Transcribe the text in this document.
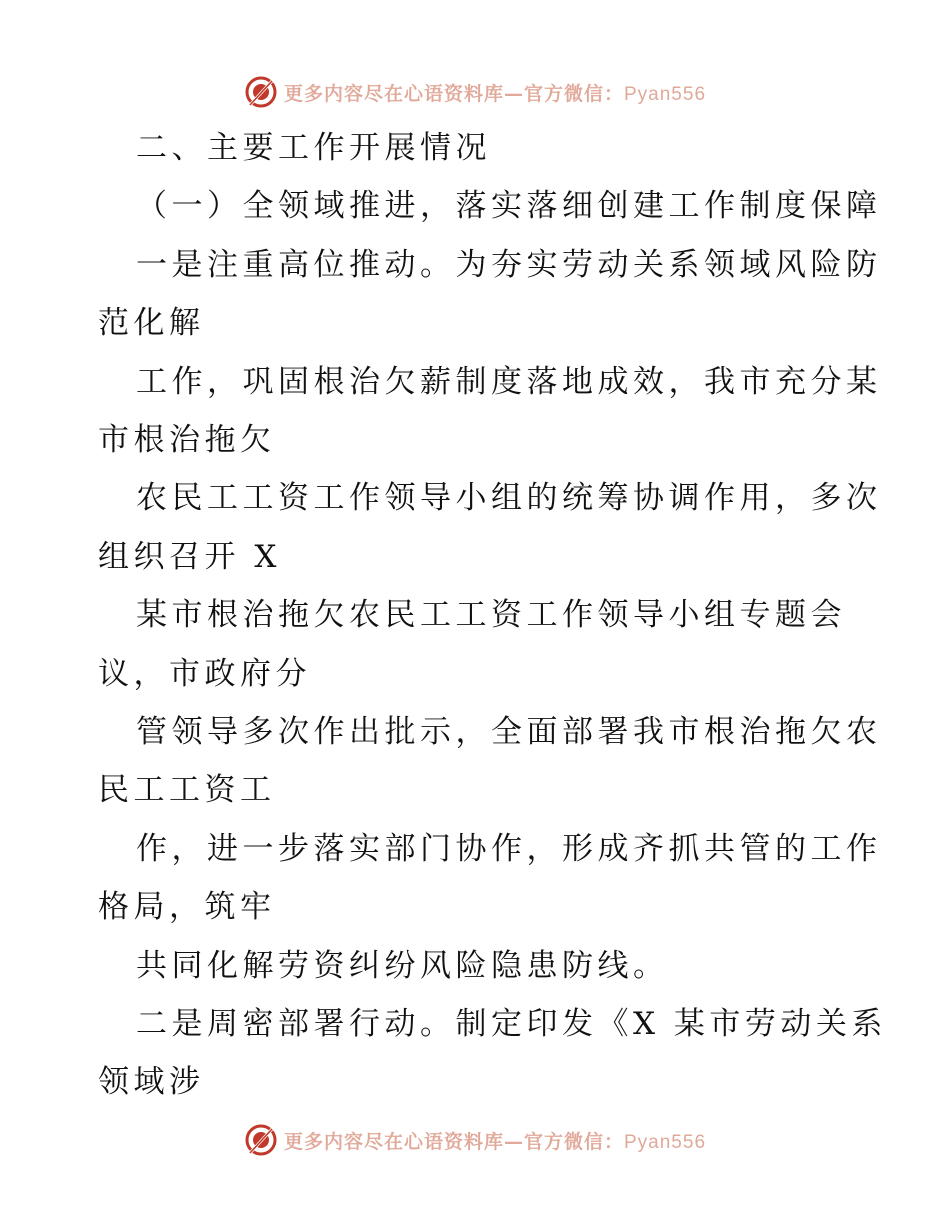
更多内容尽在心语资料库—官方微信：Pyan556
二、主要工作开展情况
（一）全领域推进，落实落细创建工作制度保障
一是注重高位推动。为夯实劳动关系领域风险防
范化解
工作，巩固根治欠薪制度落地成效，我市充分某
市根治拖欠
农民工工资工作领导小组的统筹协调作用，多次
组织召开 X
某市根治拖欠农民工工资工作领导小组专题会
议，市政府分
管领导多次作出批示，全面部署我市根治拖欠农
民工工资工
作，进一步落实部门协作，形成齐抓共管的工作
格局，筑牢
共同化解劳资纠纷风险隐患防线。
二是周密部署行动。制定印发《X 某市劳动关系
领域涉
更多内容尽在心语资料库—官方微信：Pyan556
